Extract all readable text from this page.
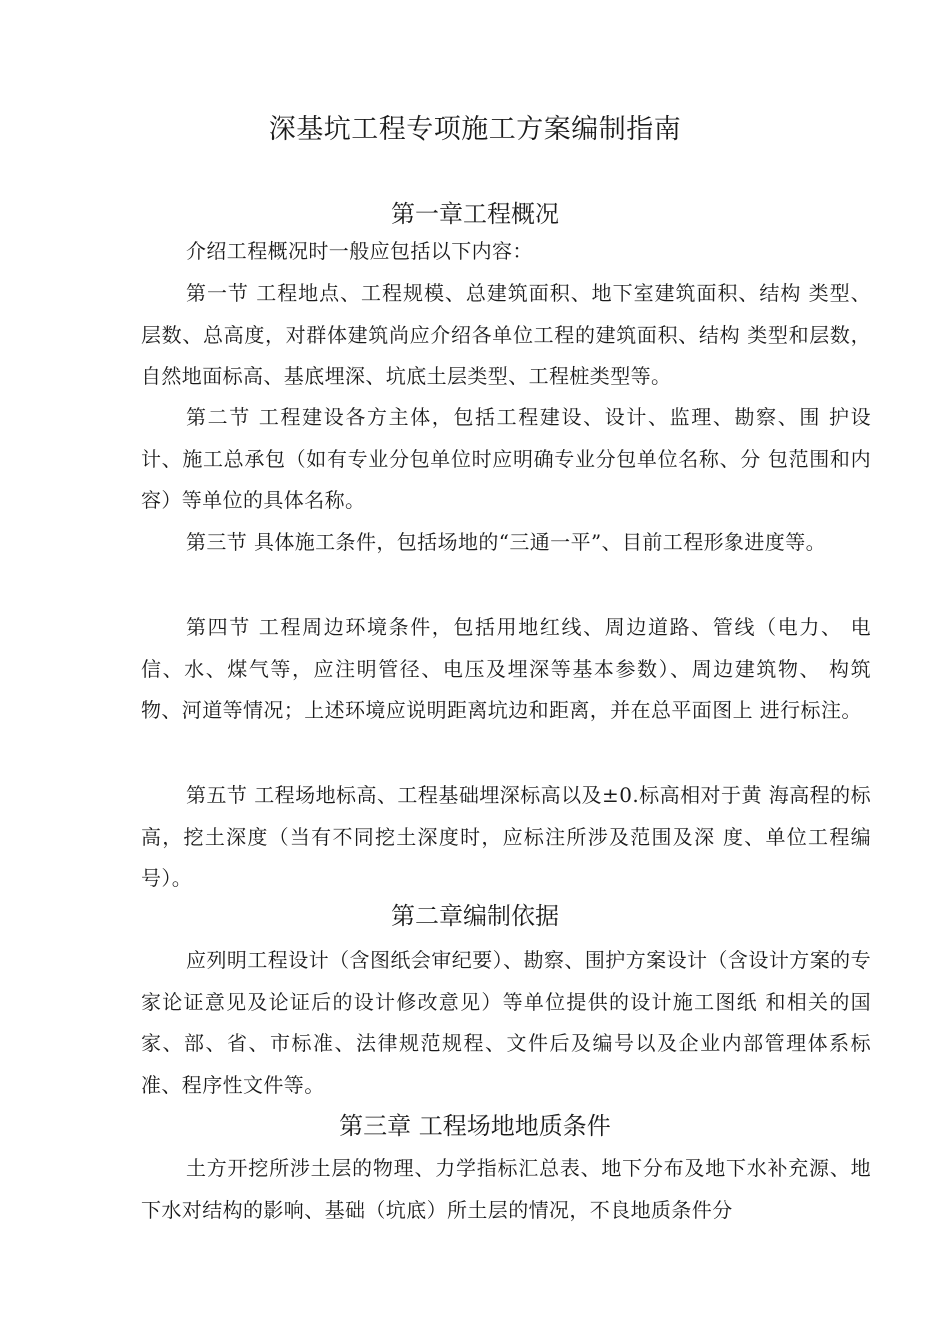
深基坑工程专项施工方案编制指南
第一章工程概况
介绍工程概况时一般应包括以下内容：
第一节 工程地点、工程规模、总建筑面积、地下室建筑面积、结构 类型、层数、总高度，对群体建筑尚应介绍各单位工程的建筑面积、结构 类型和层数，自然地面标高、基底埋深、坑底土层类型、工程桩类型等。
第二节 工程建设各方主体，包括工程建设、设计、监理、勘察、围 护设计、施工总承包（如有专业分包单位时应明确专业分包单位名称、分 包范围和内容）等单位的具体名称。
第三节 具体施工条件，包括场地的“三通一平”、目前工程形象进度等。
第四节 工程周边环境条件，包括用地红线、周边道路、管线（电力、 电信、水、煤气等，应注明管径、电压及埋深等基本参数）、周边建筑物、 构筑物、河道等情况；上述环境应说明距离坑边和距离，并在总平面图上 进行标注。
第五节 工程场地标高、工程基础埋深标高以及±0.标高相对于黄 海高程的标高，挖土深度（当有不同挖土深度时，应标注所涉及范围及深 度、单位工程编号）。
第二章编制依据
应列明工程设计（含图纸会审纪要）、勘察、围护方案设计（含设计方案的专家论证意见及论证后的设计修改意见）等单位提供的设计施工图纸 和相关的国家、部、省、市标准、法律规范规程、文件后及编号以及企业内部管理体系标准、程序性文件等。
第三章 工程场地地质条件
土方开挖所涉土层的物理、力学指标汇总表、地下分布及地下水补充源、地下水对结构的影响、基础（坑底）所土层的情况，不良地质条件分
